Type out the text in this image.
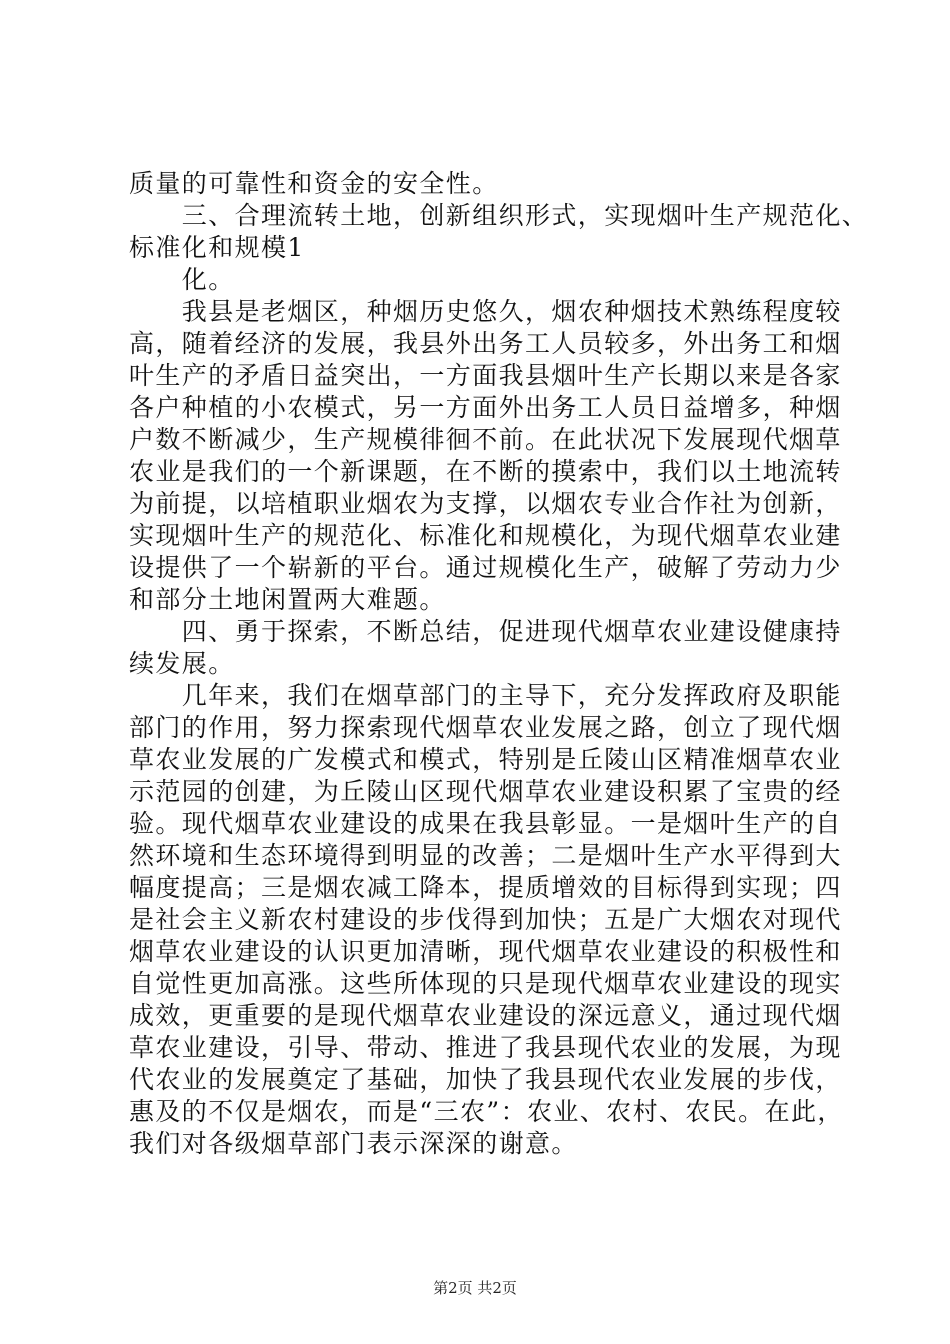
质量的可靠性和资金的安全性。
　　三、合理流转土地，创新组织形式，实现烟叶生产规范化、
标准化和规模1
　　化。
　　我县是老烟区，种烟历史悠久，烟农种烟技术熟练程度较
高，随着经济的发展，我县外出务工人员较多，外出务工和烟
叶生产的矛盾日益突出，一方面我县烟叶生产长期以来是各家
各户种植的小农模式，另一方面外出务工人员日益增多，种烟
户数不断减少，生产规模徘徊不前。在此状况下发展现代烟草
农业是我们的一个新课题，在不断的摸索中，我们以土地流转
为前提，以培植职业烟农为支撑，以烟农专业合作社为创新，
实现烟叶生产的规范化、标准化和规模化，为现代烟草农业建
设提供了一个崭新的平台。通过规模化生产，破解了劳动力少
和部分土地闲置两大难题。
　　四、勇于探索，不断总结，促进现代烟草农业建设健康持
续发展。
　　几年来，我们在烟草部门的主导下，充分发挥政府及职能
部门的作用，努力探索现代烟草农业发展之路，创立了现代烟
草农业发展的广发模式和模式，特别是丘陵山区精准烟草农业
示范园的创建，为丘陵山区现代烟草农业建设积累了宝贵的经
验。现代烟草农业建设的成果在我县彰显。一是烟叶生产的自
然环境和生态环境得到明显的改善；二是烟叶生产水平得到大
幅度提高；三是烟农减工降本，提质增效的目标得到实现；四
是社会主义新农村建设的步伐得到加快；五是广大烟农对现代
烟草农业建设的认识更加清晰，现代烟草农业建设的积极性和
自觉性更加高涨。这些所体现的只是现代烟草农业建设的现实
成效，更重要的是现代烟草农业建设的深远意义，通过现代烟
草农业建设，引导、带动、推进了我县现代农业的发展，为现
代农业的发展奠定了基础，加快了我县现代农业发展的步伐，
惠及的不仅是烟农，而是“三农”：农业、农村、农民。在此，
我们对各级烟草部门表示深深的谢意。
第2页 共2页
